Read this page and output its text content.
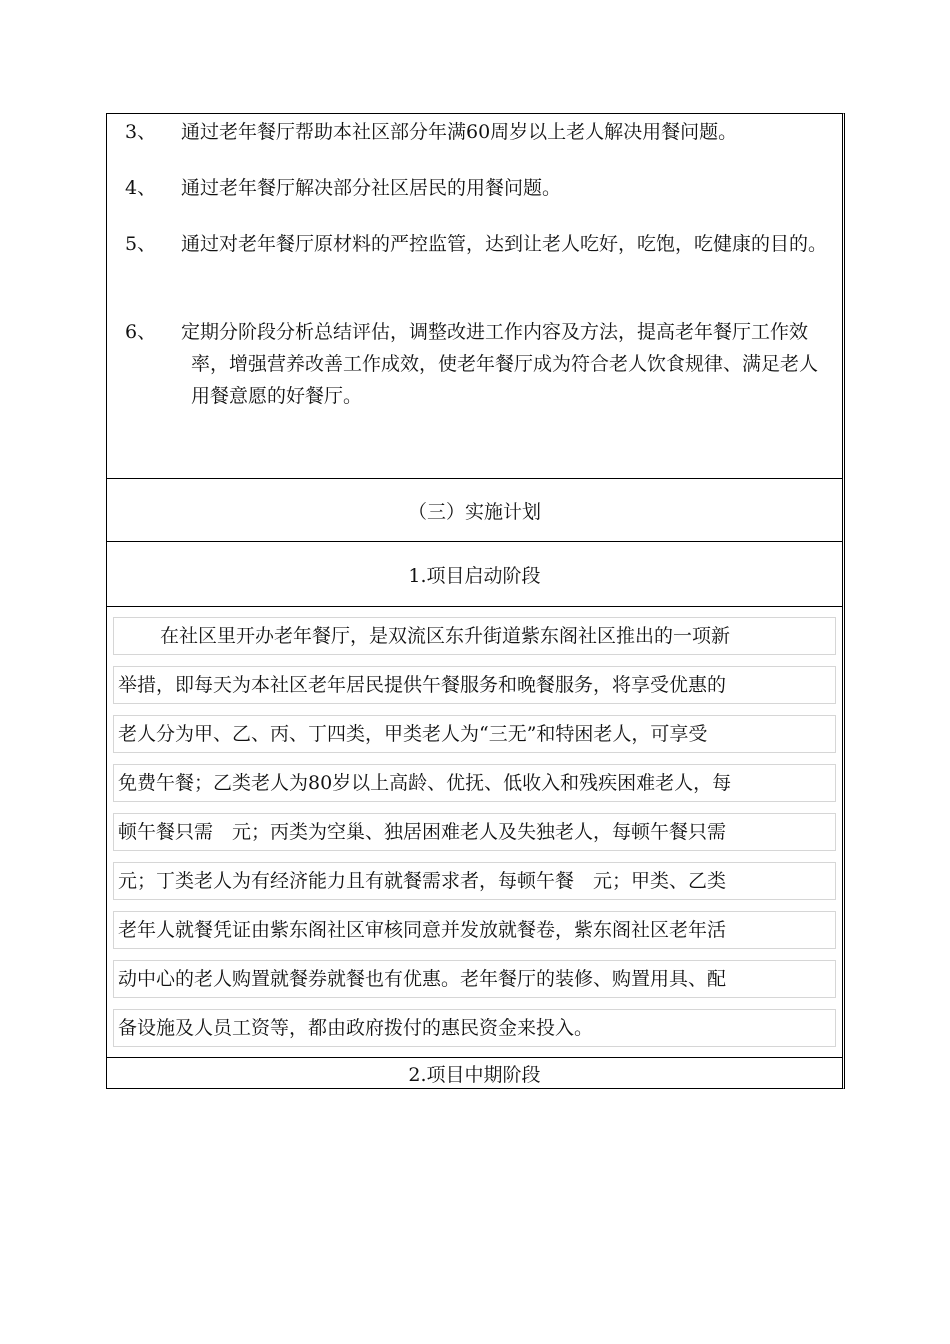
3、	通过老年餐厅帮助本社区部分年满60周岁以上老人解决用餐问题。
4、	通过老年餐厅解决部分社区居民的用餐问题。
5、	通过对老年餐厅原材料的严控监管，达到让老人吃好，吃饱，吃健康的目的。
6、	定期分阶段分析总结评估，调整改进工作内容及方法，提高老年餐厅工作效率，增强营养改善工作成效，使老年餐厅成为符合老人饮食规律、满足老人用餐意愿的好餐厅。
（三）实施计划
1.项目启动阶段
在社区里开办老年餐厅，是双流区东升街道紫东阁社区推出的一项新
举措，即每天为本社区老年居民提供午餐服务和晚餐服务，将享受优惠的
老人分为甲、乙、丙、丁四类，甲类老人为“三无”和特困老人，可享受
免费午餐；乙类老人为80岁以上高龄、优抚、低收入和残疾困难老人，每
顿午餐只需　元；丙类为空巢、独居困难老人及失独老人，每顿午餐只需
元；丁类老人为有经济能力且有就餐需求者，每顿午餐　元；甲类、乙类
老年人就餐凭证由紫东阁社区审核同意并发放就餐卷，紫东阁社区老年活
动中心的老人购置就餐券就餐也有优惠。老年餐厅的装修、购置用具、配
备设施及人员工资等，都由政府拨付的惠民资金来投入。
2.项目中期阶段
